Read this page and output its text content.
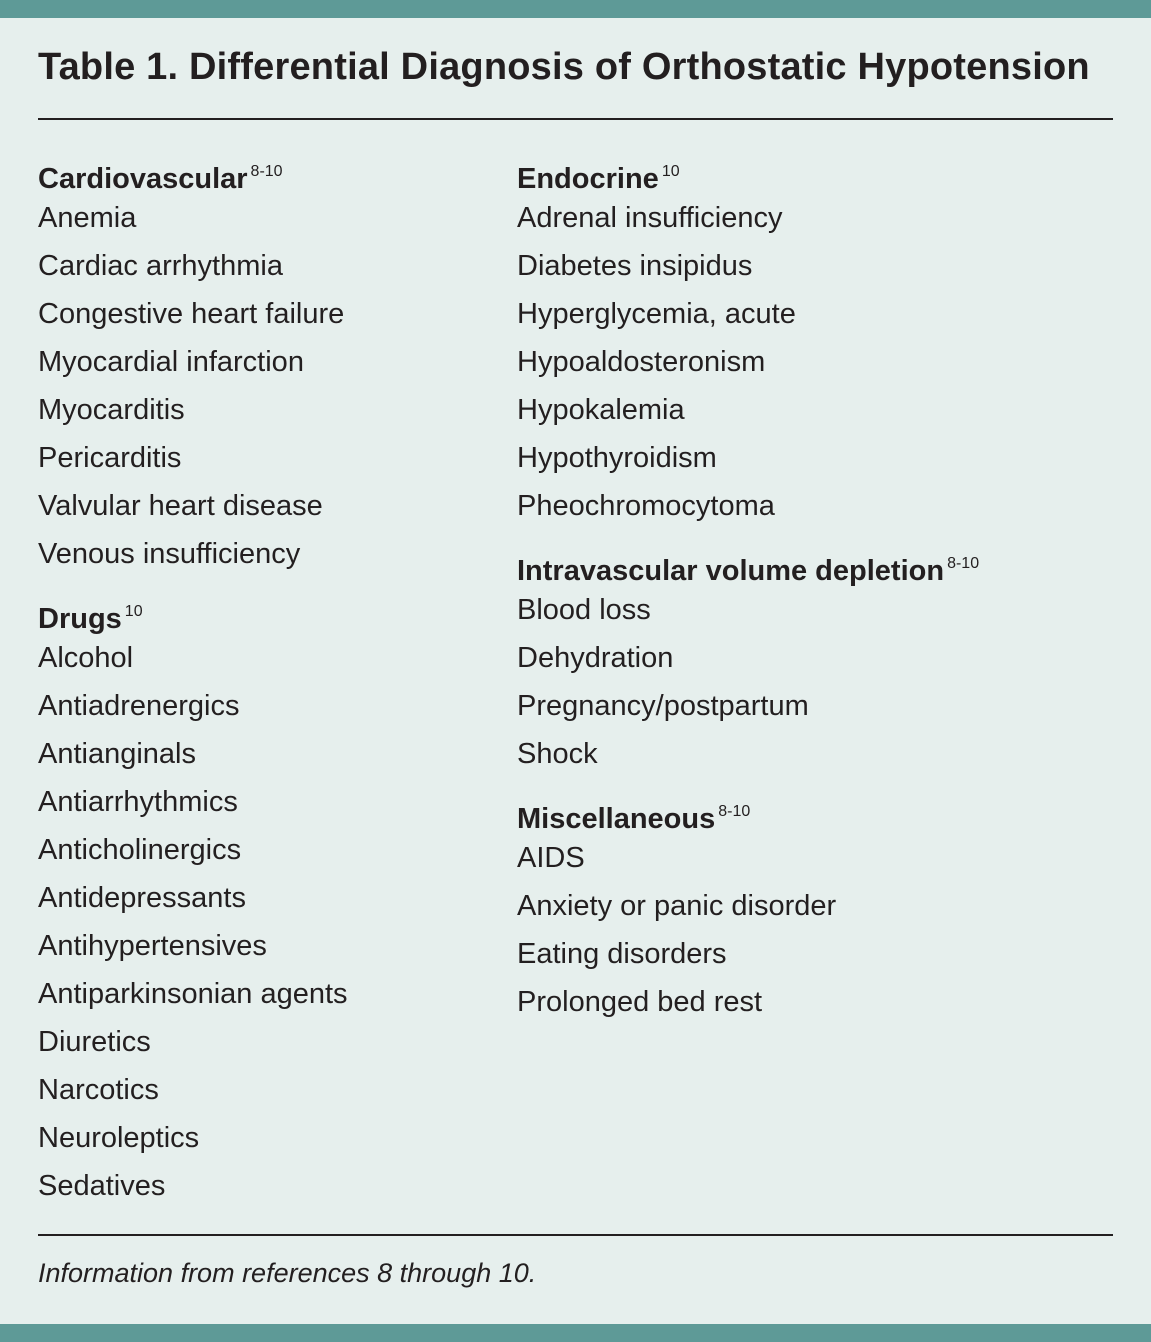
Table 1. Differential Diagnosis of Orthostatic Hypotension
Cardiovascular $^{8-10}$
Anemia
Cardiac arrhythmia
Congestive heart failure
Myocardial infarction
Myocarditis
Pericarditis
Valvular heart disease
Venous insufficiency
Drugs $^{10}$
Alcohol
Antiadrenergics
Antianginals
Antiarrhythmics
Anticholinergics
Antidepressants
Antihypertensives
Antiparkinsonian agents
Diuretics
Narcotics
Neuroleptics
Sedatives
Endocrine $^{10}$
Adrenal insufficiency
Diabetes insipidus
Hyperglycemia, acute
Hypoaldosteronism
Hypokalemia
Hypothyroidism
Pheochromocytoma
Intravascular volume depletion $^{8-10}$
Blood loss
Dehydration
Pregnancy/postpartum
Shock
Miscellaneous $^{8-10}$
AIDS
Anxiety or panic disorder
Eating disorders
Prolonged bed rest
Information from references 8 through 10.
